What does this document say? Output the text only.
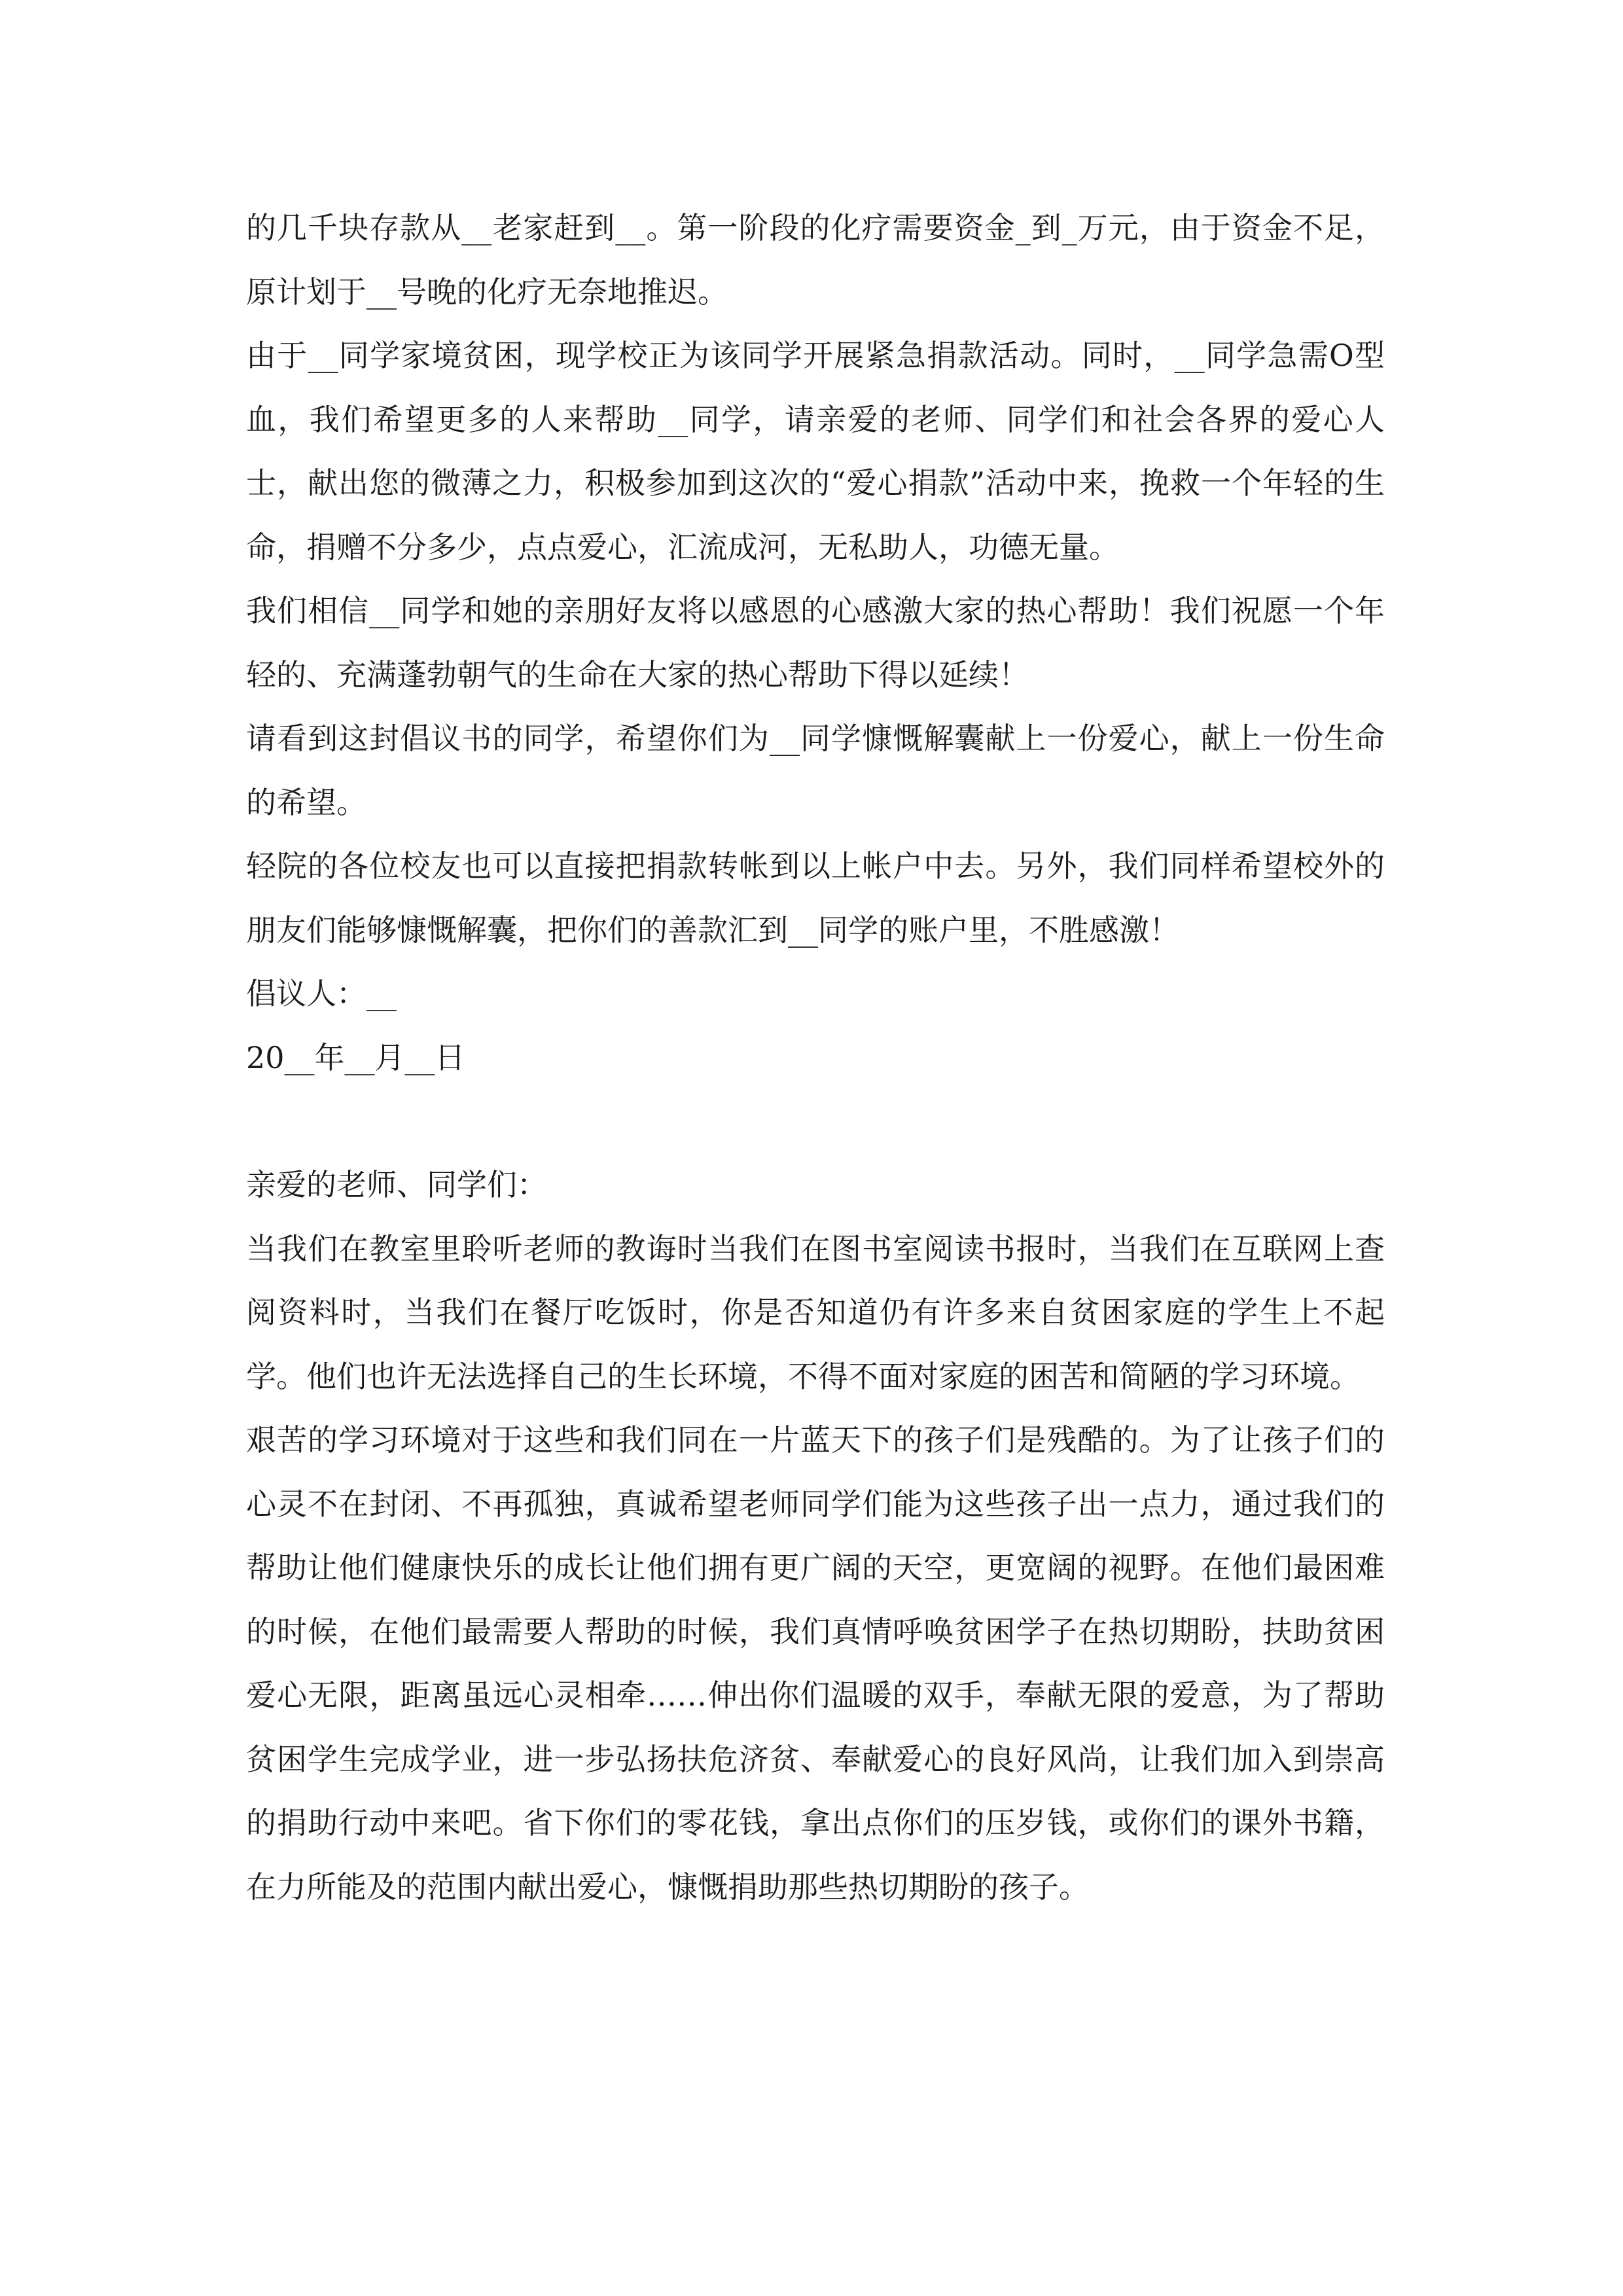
的几千块存款从__老家赶到__。第一阶段的化疗需要资金_到_万元，由于资金不足，原计划于__号晚的化疗无奈地推迟。

由于__同学家境贫困，现学校正为该同学开展紧急捐款活动。同时，__同学急需O型血，我们希望更多的人来帮助__同学，请亲爱的老师、同学们和社会各界的爱心人士，献出您的微薄之力，积极参加到这次的“爱心捐款”活动中来，挽救一个年轻的生命，捐赠不分多少，点点爱心，汇流成河，无私助人，功德无量。

我们相信__同学和她的亲朋好友将以感恩的心感激大家的热心帮助！我们祝愿一个年轻的、充满蓬勃朝气的生命在大家的热心帮助下得以延续！

请看到这封倡议书的同学，希望你们为__同学慷慨解囊献上一份爱心，献上一份生命的希望。

轻院的各位校友也可以直接把捐款转帐到以上帐户中去。另外，我们同样希望校外的朋友们能够慷慨解囊，把你们的善款汇到__同学的账户里，不胜感激！

倡议人：__

20__年__月__日

亲爱的老师、同学们：

当我们在教室里聆听老师的教诲时当我们在图书室阅读书报时，当我们在互联网上查阅资料时，当我们在餐厅吃饭时，你是否知道仍有许多来自贫困家庭的学生上不起学。他们也许无法选择自己的生长环境，不得不面对家庭的困苦和简陋的学习环境。

艰苦的学习环境对于这些和我们同在一片蓝天下的孩子们是残酷的。为了让孩子们的心灵不在封闭、不再孤独，真诚希望老师同学们能为这些孩子出一点力，通过我们的帮助让他们健康快乐的成长让他们拥有更广阔的天空，更宽阔的视野。在他们最困难的时候，在他们最需要人帮助的时候，我们真情呼唤贫困学子在热切期盼，扶助贫困爱心无限，距离虽远心灵相牵……伸出你们温暖的双手，奉献无限的爱意，为了帮助贫困学生完成学业，进一步弘扬扶危济贫、奉献爱心的良好风尚，让我们加入到崇高的捐助行动中来吧。省下你们的零花钱，拿出点你们的压岁钱，或你们的课外书籍，在力所能及的范围内献出爱心，慷慨捐助那些热切期盼的孩子。
